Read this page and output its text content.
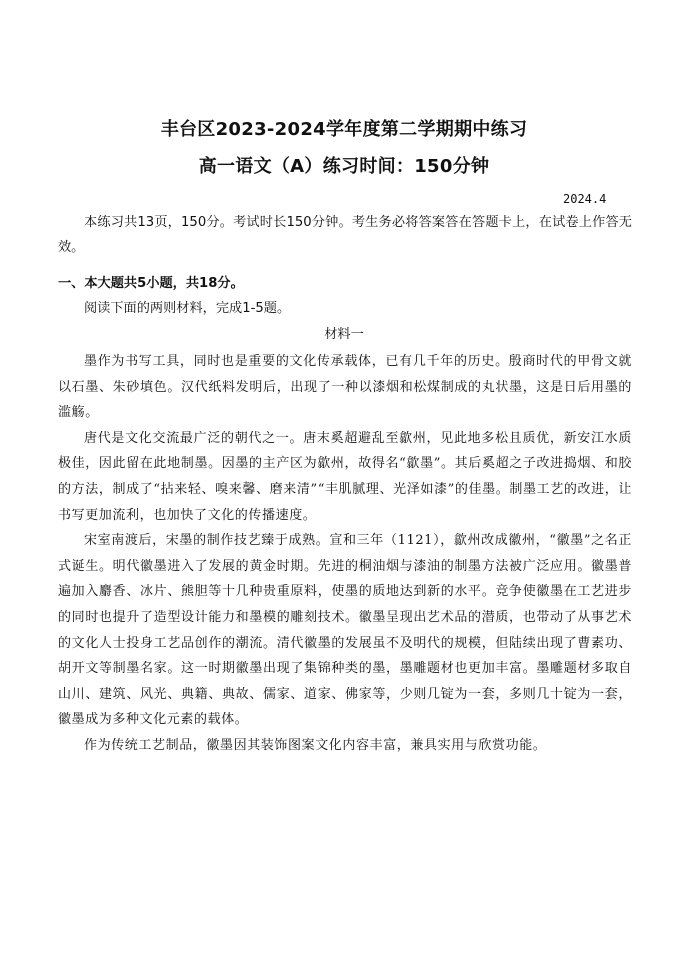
丰台区2023-2024学年度第二学期期中练习
高一语文（A）练习时间：150分钟
2024.4

本练习共13页，150分。考试时长150分钟。考生务必将答案答在答题卡上，在试卷上作答无效。

一、本大题共5小题，共18分。
阅读下面的两则材料，完成1-5题。
材料一

墨作为书写工具，同时也是重要的文化传承载体，已有几千年的历史。殷商时代的甲骨文就以石墨、朱砂填色。汉代纸料发明后，出现了一种以漆烟和松煤制成的丸状墨，这是日后用墨的滥觞。

唐代是文化交流最广泛的朝代之一。唐末奚超避乱至歙州，见此地多松且质优，新安江水质极佳，因此留在此地制墨。因墨的主产区为歙州，故得名“歙墨”。其后奚超之子改进捣烟、和胶的方法，制成了“拈来轻、嗅来馨、磨来清”“丰肌腻理、光泽如漆”的佳墨。制墨工艺的改进，让书写更加流利，也加快了文化的传播速度。

宋室南渡后，宋墨的制作技艺臻于成熟。宣和三年（1121），歙州改成徽州，“徽墨”之名正式诞生。明代徽墨进入了发展的黄金时期。先进的桐油烟与漆油的制墨方法被广泛应用。徽墨普遍加入麝香、冰片、熊胆等十几种贵重原料，使墨的质地达到新的水平。竞争使徽墨在工艺进步的同时也提升了造型设计能力和墨模的雕刻技术。徽墨呈现出艺术品的潜质，也带动了从事艺术的文化人士投身工艺品创作的潮流。清代徽墨的发展虽不及明代的规模，但陆续出现了曹素功、胡开文等制墨名家。这一时期徽墨出现了集锦种类的墨，墨雕题材也更加丰富。墨雕题材多取自山川、建筑、风光、典籍、典故、儒家、道家、佛家等，少则几锭为一套，多则几十锭为一套，徽墨成为多种文化元素的载体。

作为传统工艺制品，徽墨因其装饰图案文化内容丰富，兼具实用与欣赏功能。
